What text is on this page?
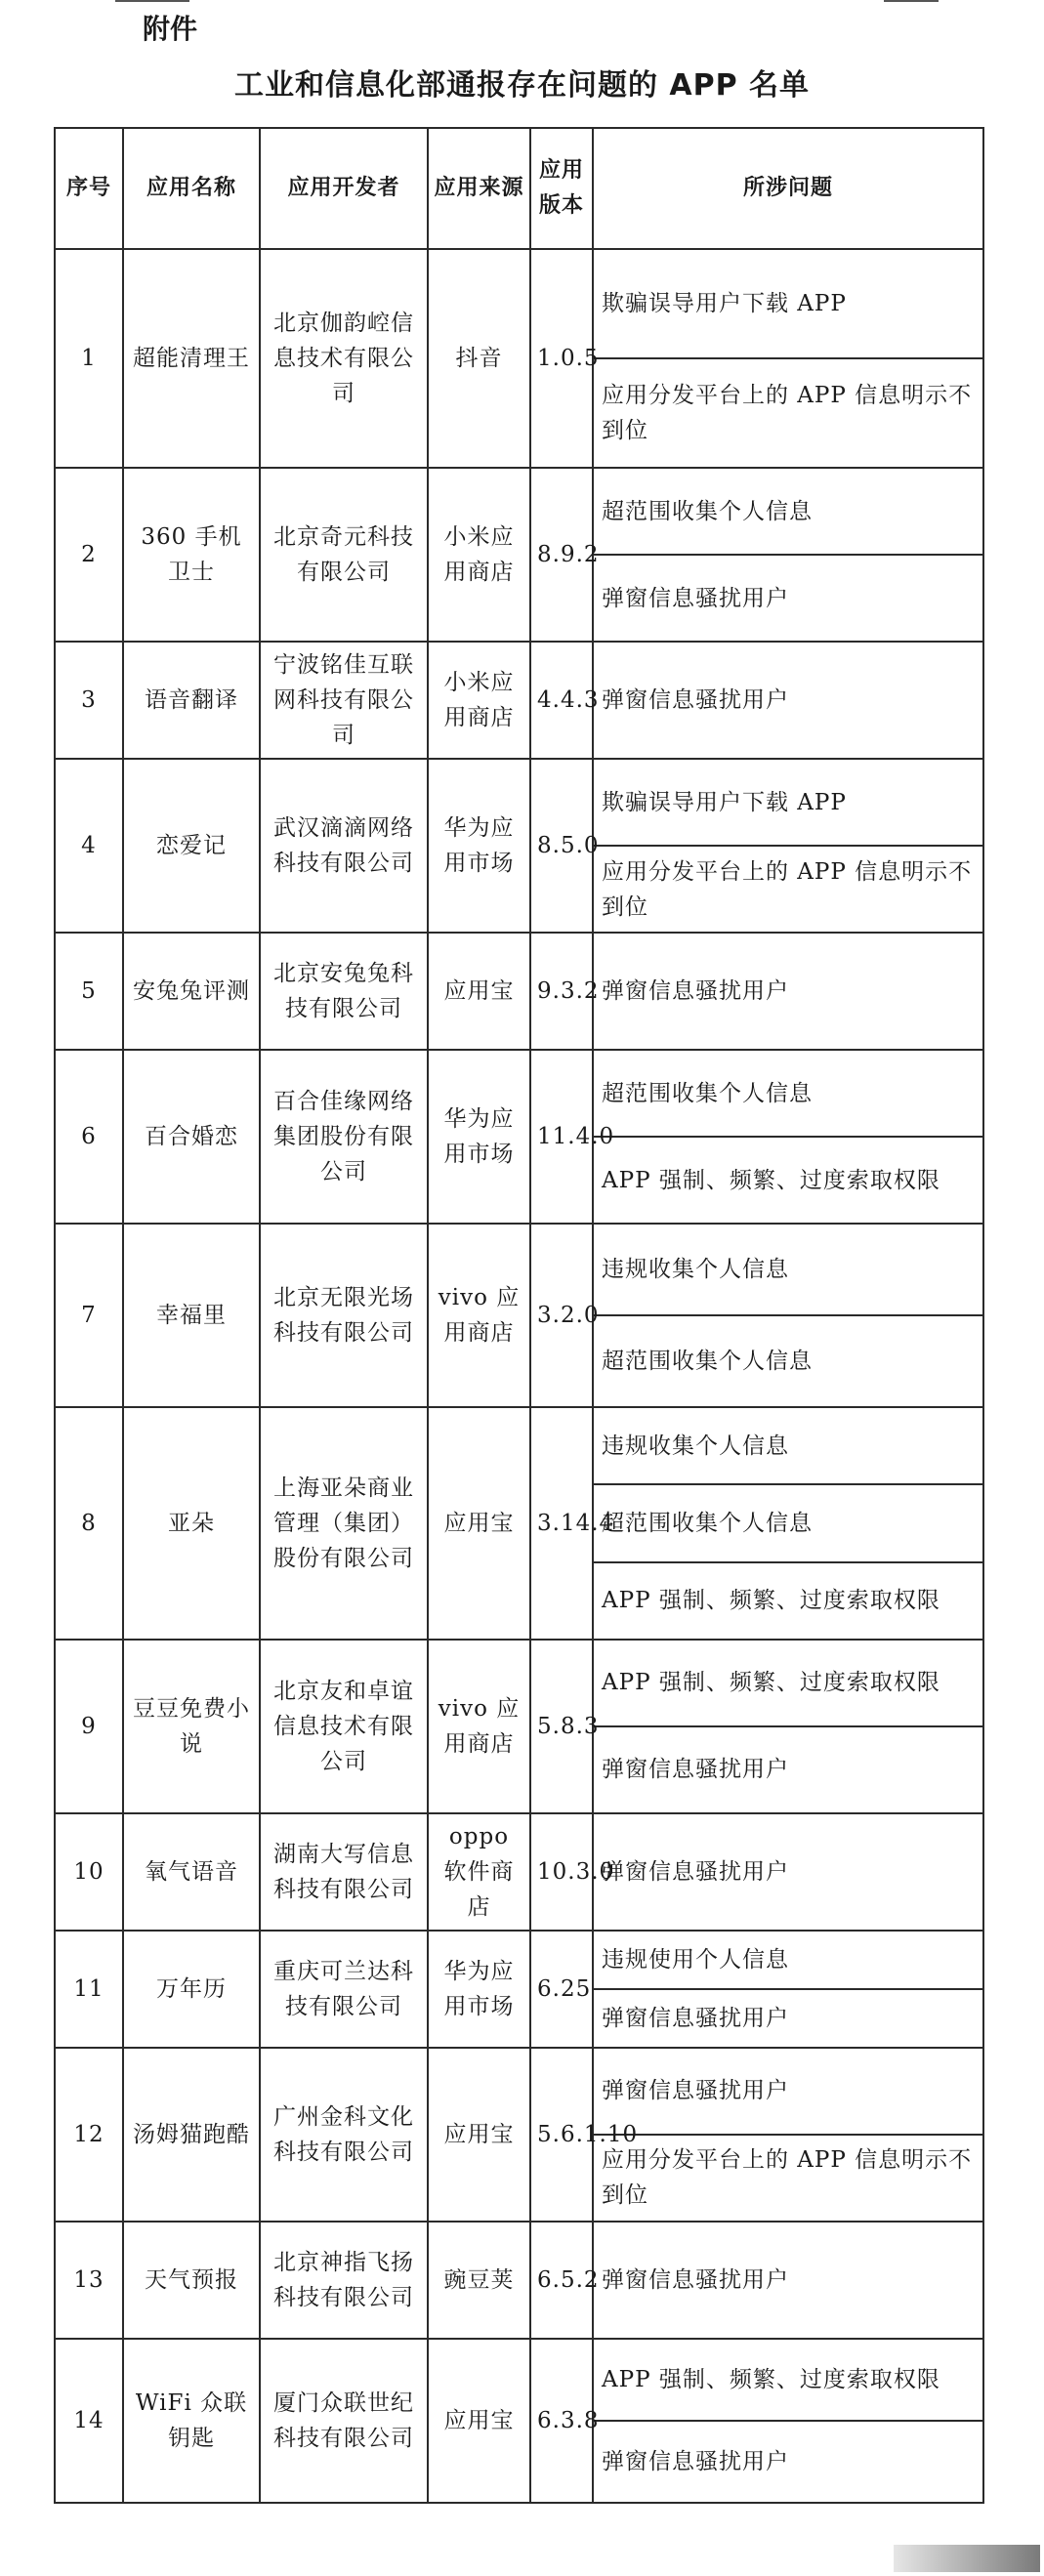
附件
工业和信息化部通报存在问题的 APP 名单
序号	应用名称	应用开发者	应用来源	应用版本	所涉问题
1	超能清理王	北京伽韵崆信息技术有限公司	抖音	1.0.5	欺骗误导用户下载 APP
					应用分发平台上的 APP 信息明示不到位
2	360 手机卫士	北京奇元科技有限公司	小米应用商店	8.9.2	超范围收集个人信息
					弹窗信息骚扰用户
3	语音翻译	宁波铭佳互联网科技有限公司	小米应用商店	4.4.3	弹窗信息骚扰用户
4	恋爱记	武汉滴滴网络科技有限公司	华为应用市场	8.5.0	欺骗误导用户下载 APP
					应用分发平台上的 APP 信息明示不到位
5	安兔兔评测	北京安兔兔科技有限公司	应用宝	9.3.2	弹窗信息骚扰用户
6	百合婚恋	百合佳缘网络集团股份有限公司	华为应用市场	11.4.0	超范围收集个人信息
					APP 强制、频繁、过度索取权限
7	幸福里	北京无限光场科技有限公司	vivo 应用商店	3.2.0	违规收集个人信息
					超范围收集个人信息
8	亚朵	上海亚朵商业管理（集团）股份有限公司	应用宝	3.14.4	违规收集个人信息
					超范围收集个人信息
					APP 强制、频繁、过度索取权限
9	豆豆免费小说	北京友和卓谊信息技术有限公司	vivo 应用商店	5.8.3	APP 强制、频繁、过度索取权限
					弹窗信息骚扰用户
10	氧气语音	湖南大写信息科技有限公司	oppo 软件商店	10.3.0	弹窗信息骚扰用户
11	万年历	重庆可兰达科技有限公司	华为应用市场	6.25	违规使用个人信息
					弹窗信息骚扰用户
12	汤姆猫跑酷	广州金科文化科技有限公司	应用宝	5.6.1.10	弹窗信息骚扰用户
					应用分发平台上的 APP 信息明示不到位
13	天气预报	北京神指飞扬科技有限公司	豌豆荚	6.5.2	弹窗信息骚扰用户
14	WiFi 众联钥匙	厦门众联世纪科技有限公司	应用宝	6.3.8	APP 强制、频繁、过度索取权限
					弹窗信息骚扰用户
